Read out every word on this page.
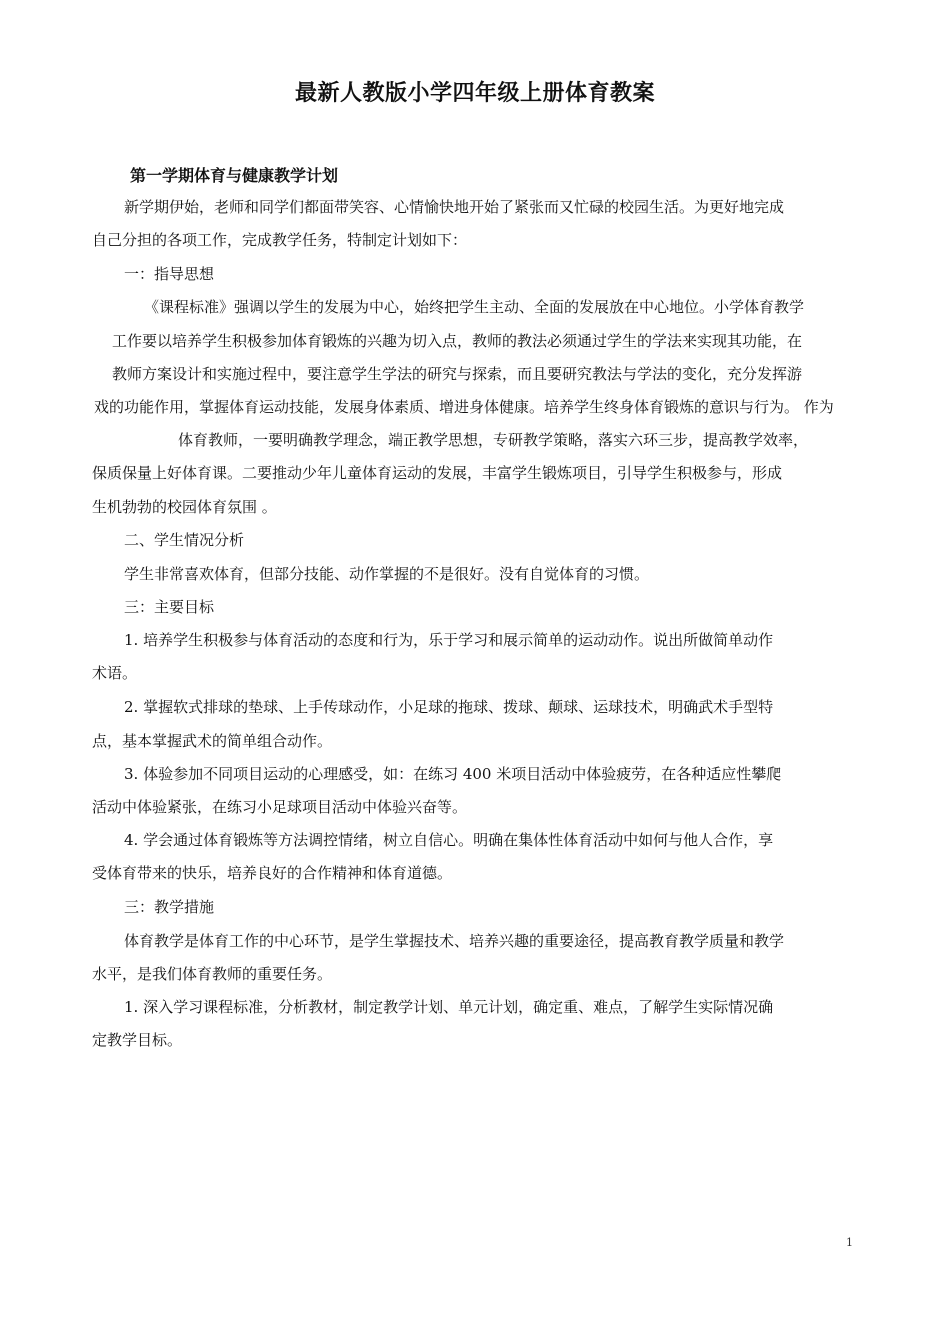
最新人教版小学四年级上册体育教案
第一学期体育与健康教学计划
新学期伊始，老师和同学们都面带笑容、心情愉快地开始了紧张而又忙碌的校园生活。为更好地完成
自己分担的各项工作，完成教学任务，特制定计划如下：
一：指导思想
《课程标准》强调以学生的发展为中心，始终把学生主动、全面的发展放在中心地位。小学体育教学
工作要以培养学生积极参加体育锻炼的兴趣为切入点，教师的教法必须通过学生的学法来实现其功能，在
教师方案设计和实施过程中，要注意学生学法的研究与探索，而且要研究教法与学法的变化，充分发挥游
戏的功能作用，掌握体育运动技能，发展身体素质、增进身体健康。培养学生终身体育锻炼的意识与行为。 作为
体育教师，一要明确教学理念，端正教学思想，专研教学策略，落实六环三步，提高教学效率，
保质保量上好体育课。二要推动少年儿童体育运动的发展，丰富学生锻炼项目，引导学生积极参与，形成
生机勃勃的校园体育氛围 。
二、学生情况分析
学生非常喜欢体育，但部分技能、动作掌握的不是很好。没有自觉体育的习惯。
三：主要目标
1. 培养学生积极参与体育活动的态度和行为，乐于学习和展示简单的运动动作。说出所做简单动作
术语。
2. 掌握软式排球的垫球、上手传球动作，小足球的拖球、拨球、颠球、运球技术，明确武术手型特
点，基本掌握武术的简单组合动作。
3. 体验参加不同项目运动的心理感受，如：在练习 400 米项目活动中体验疲劳，在各种适应性攀爬
活动中体验紧张，在练习小足球项目活动中体验兴奋等。
4. 学会通过体育锻炼等方法调控情绪，树立自信心。明确在集体性体育活动中如何与他人合作，享
受体育带来的快乐，培养良好的合作精神和体育道德。
三：教学措施
体育教学是体育工作的中心环节，是学生掌握技术、培养兴趣的重要途径，提高教育教学质量和教学
水平，是我们体育教师的重要任务。
1. 深入学习课程标准，分析教材，制定教学计划、单元计划，确定重、难点，了解学生实际情况确
定教学目标。
1
